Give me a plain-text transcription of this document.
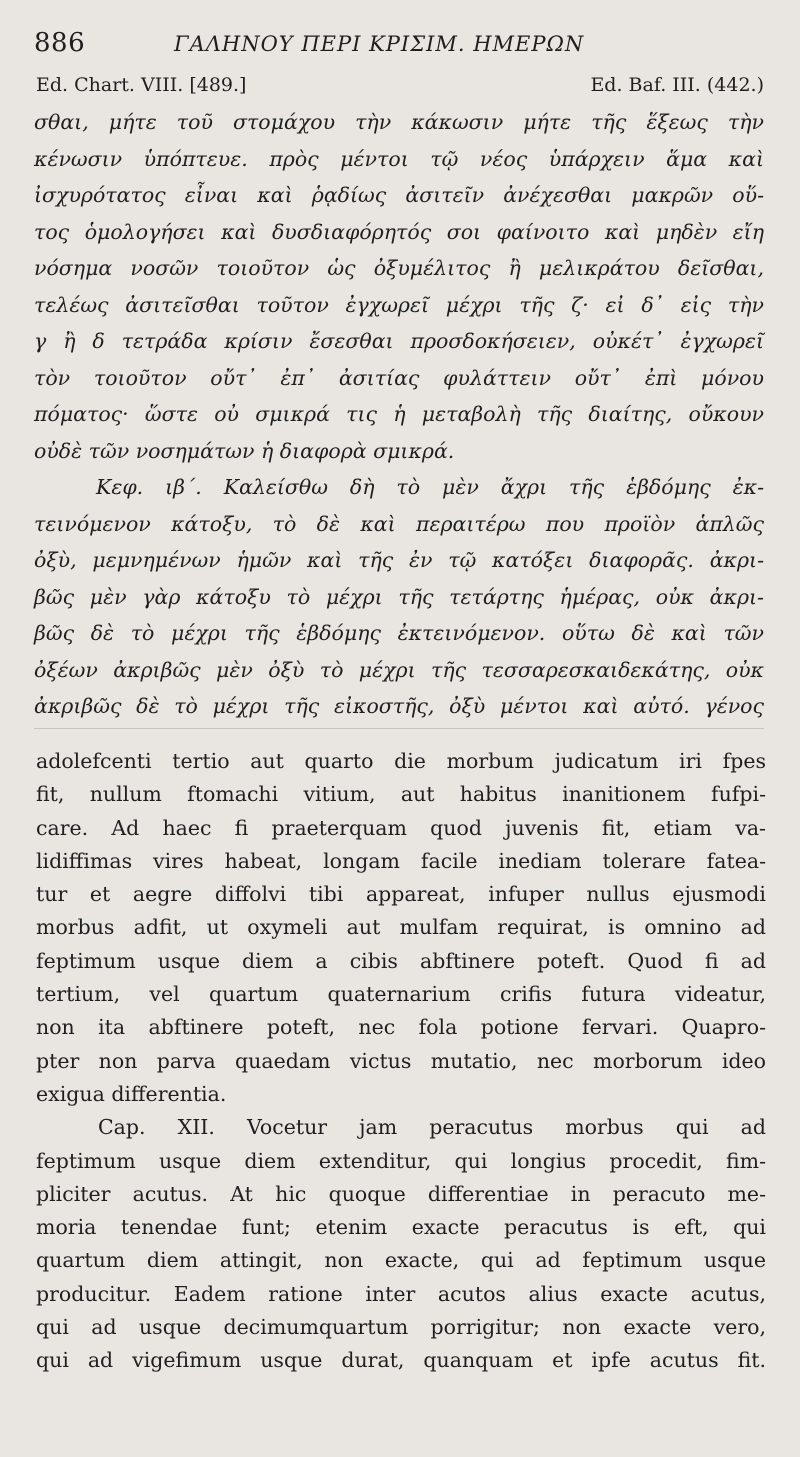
886	ΓΑΛΗΝΟΥ ΠΕΡΙ ΚΡΙΣΙΜ. ΗΜΕΡΩΝ
Ed. Chart. VIII. [489.]	Ed. Baf. III. (442.)
σθαι, μήτε τοῦ στομάχου τὴν κάκωσιν μήτε τῆς ἕξεως τὴν
κένωσιν ὑπόπτευε. πρὸς μέντοι τῷ νέος ὑπάρχειν ἅμα καὶ
ἰσχυρότατος εἶναι καὶ ῥᾳδίως ἀσιτεῖν ἀνέχεσθαι μακρῶν οὕ-
τος ὁμολογήσει καὶ δυσδιαφόρητός σοι φαίνοιτο καὶ μηδὲν εἴη
νόσημα νοσῶν τοιοῦτον ὡς ὀξυμέλιτος ἢ μελικράτου δεῖσθαι,
τελέως ἀσιτεῖσθαι τοῦτον ἐγχωρεῖ μέχρι τῆς ζ· εἰ δ᾽ εἰς τὴν
γ ἢ δ τετράδα κρίσιν ἔσεσθαι προσδοκήσειεν, οὐκέτ᾽ ἐγχωρεῖ
τὸν τοιοῦτον οὔτ᾽ ἐπ᾽ ἀσιτίας φυλάττειν οὔτ᾽ ἐπὶ μόνου
πόματος· ὥστε οὐ σμικρά τις ἡ μεταβολὴ τῆς διαίτης, οὔκουν
οὐδὲ τῶν νοσημάτων ἡ διαφορὰ σμικρά.
Κεφ. ιβ΄. Καλείσθω δὴ τὸ μὲν ἄχρι τῆς ἑβδόμης ἐκ-
τεινόμενον κάτοξυ, τὸ δὲ καὶ περαιτέρω που προϊὸν ἁπλῶς
ὀξὺ, μεμνημένων ἡμῶν καὶ τῆς ἐν τῷ κατόξει διαφορᾶς. ἀκρι-
βῶς μὲν γὰρ κάτοξυ τὸ μέχρι τῆς τετάρτης ἡμέρας, οὐκ ἀκρι-
βῶς δὲ τὸ μέχρι τῆς ἑβδόμης ἐκτεινόμενον. οὕτω δὲ καὶ τῶν
ὀξέων ἀκριβῶς μὲν ὀξὺ τὸ μέχρι τῆς τεσσαρεσκαιδεκάτης, οὐκ
ἀκριβῶς δὲ τὸ μέχρι τῆς εἰκοστῆς, ὀξὺ μέντοι καὶ αὐτό. γένος
adolefcenti tertio aut quarto die morbum judicatum iri fpes
fit, nullum ftomachi vitium, aut habitus inanitionem fufpi-
care. Ad haec fi praeterquam quod juvenis fit, etiam va-
lidiffimas vires habeat, longam facile inediam tolerare fatea-
tur et aegre diffolvi tibi appareat, infuper nullus ejusmodi
morbus adfit, ut oxymeli aut mulfam requirat, is omnino ad
feptimum usque diem a cibis abftinere poteft. Quod fi ad
tertium, vel quartum quaternarium crifis futura videatur,
non ita abftinere poteft, nec fola potione fervari. Quapro-
pter non parva quaedam victus mutatio, nec morborum ideo
exigua differentia.
Cap. XII. Vocetur jam peracutus morbus qui ad
feptimum usque diem extenditur, qui longius procedit, fim-
pliciter acutus. At hic quoque differentiae in peracuto me-
moria tenendae funt; etenim exacte peracutus is eft, qui
quartum diem attingit, non exacte, qui ad feptimum usque
producitur. Eadem ratione inter acutos alius exacte acutus,
qui ad usque decimumquartum porrigitur; non exacte vero,
qui ad vigefimum usque durat, quanquam et ipfe acutus fit.
